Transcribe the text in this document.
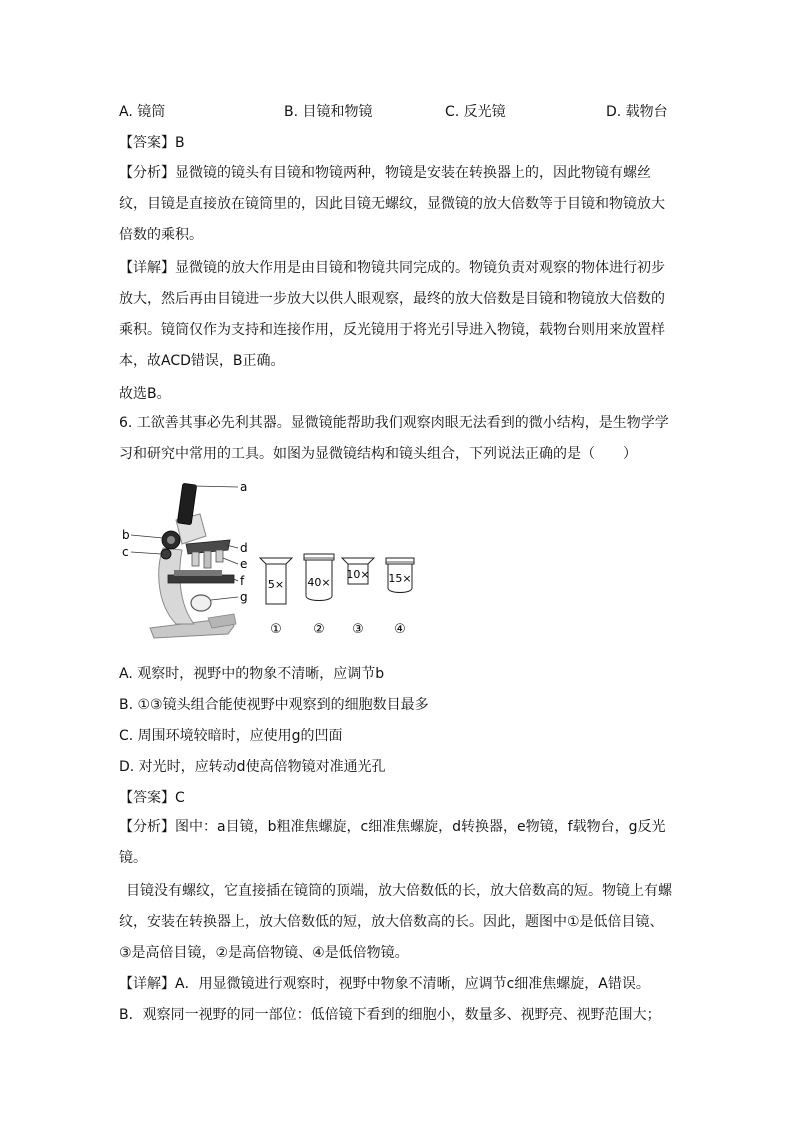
A. 镜筒	B. 目镜和物镜	C. 反光镜	D. 载物台
【答案】B
【分析】显微镜的镜头有目镜和物镜两种，物镜是安装在转换器上的，因此物镜有螺丝纹，目镜是直接放在镜筒里的，因此目镜无螺纹，显微镜的放大倍数等于目镜和物镜放大倍数的乘积。
【详解】显微镜的放大作用是由目镜和物镜共同完成的。物镜负责对观察的物体进行初步放大，然后再由目镜进一步放大以供人眼观察，最终的放大倍数是目镜和物镜放大倍数的乘积。镜筒仅作为支持和连接作用，反光镜用于将光引导进入物镜，载物台则用来放置样本，故ACD错误，B正确。
故选B。
6. 工欲善其事必先利其器。显微镜能帮助我们观察肉眼无法看到的微小结构，是生物学学习和研究中常用的工具。如图为显微镜结构和镜头组合，下列说法正确的是（　　）
a
b
c	d
e
f
g
5× 40×
10× 15×
① ② ③ ④
A. 观察时，视野中的物象不清晰，应调节b
B. ①③镜头组合能使视野中观察到的细胞数目最多
C. 周围环境较暗时，应使用g的凹面
D. 对光时，应转动d使高倍物镜对准通光孔
【答案】C
【分析】图中：a目镜，b粗准焦螺旋，c细准焦螺旋，d转换器，e物镜，f载物台，g反光镜。
目镜没有螺纹，它直接插在镜筒的顶端，放大倍数低的长，放大倍数高的短。物镜上有螺纹，安装在转换器上，放大倍数低的短，放大倍数高的长。因此，题图中①是低倍目镜、③是高倍目镜，②是高倍物镜、④是低倍物镜。
【详解】A．用显微镜进行观察时，视野中物象不清晰，应调节c细准焦螺旋，A错误。
B．观察同一视野的同一部位：低倍镜下看到的细胞小，数量多、视野亮、视野范围大；
